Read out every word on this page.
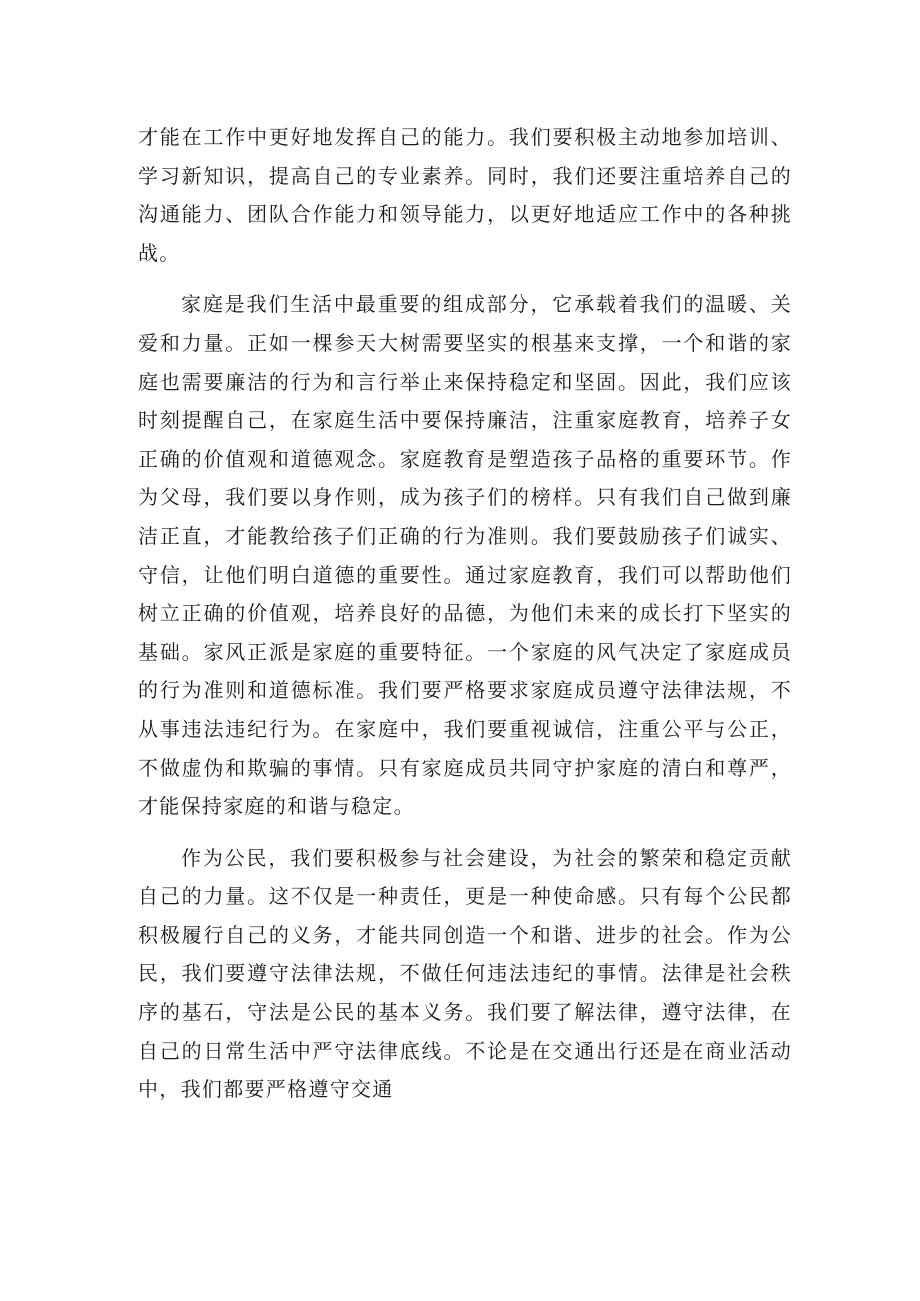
才能在工作中更好地发挥自己的能力。我们要积极主动地参加培训、学习新知识，提高自己的专业素养。同时，我们还要注重培养自己的沟通能力、团队合作能力和领导能力，以更好地适应工作中的各种挑战。

家庭是我们生活中最重要的组成部分，它承载着我们的温暖、关爱和力量。正如一棵参天大树需要坚实的根基来支撑，一个和谐的家庭也需要廉洁的行为和言行举止来保持稳定和坚固。因此，我们应该时刻提醒自己，在家庭生活中要保持廉洁，注重家庭教育，培养子女正确的价值观和道德观念。家庭教育是塑造孩子品格的重要环节。作为父母，我们要以身作则，成为孩子们的榜样。只有我们自己做到廉洁正直，才能教给孩子们正确的行为准则。我们要鼓励孩子们诚实、守信，让他们明白道德的重要性。通过家庭教育，我们可以帮助他们树立正确的价值观，培养良好的品德，为他们未来的成长打下坚实的基础。家风正派是家庭的重要特征。一个家庭的风气决定了家庭成员的行为准则和道德标准。我们要严格要求家庭成员遵守法律法规，不从事违法违纪行为。在家庭中，我们要重视诚信，注重公平与公正，不做虚伪和欺骗的事情。只有家庭成员共同守护家庭的清白和尊严，才能保持家庭的和谐与稳定。

作为公民，我们要积极参与社会建设，为社会的繁荣和稳定贡献自己的力量。这不仅是一种责任，更是一种使命感。只有每个公民都积极履行自己的义务，才能共同创造一个和谐、进步的社会。作为公民，我们要遵守法律法规，不做任何违法违纪的事情。法律是社会秩序的基石，守法是公民的基本义务。我们要了解法律，遵守法律，在自己的日常生活中严守法律底线。不论是在交通出行还是在商业活动中，我们都要严格遵守交通
